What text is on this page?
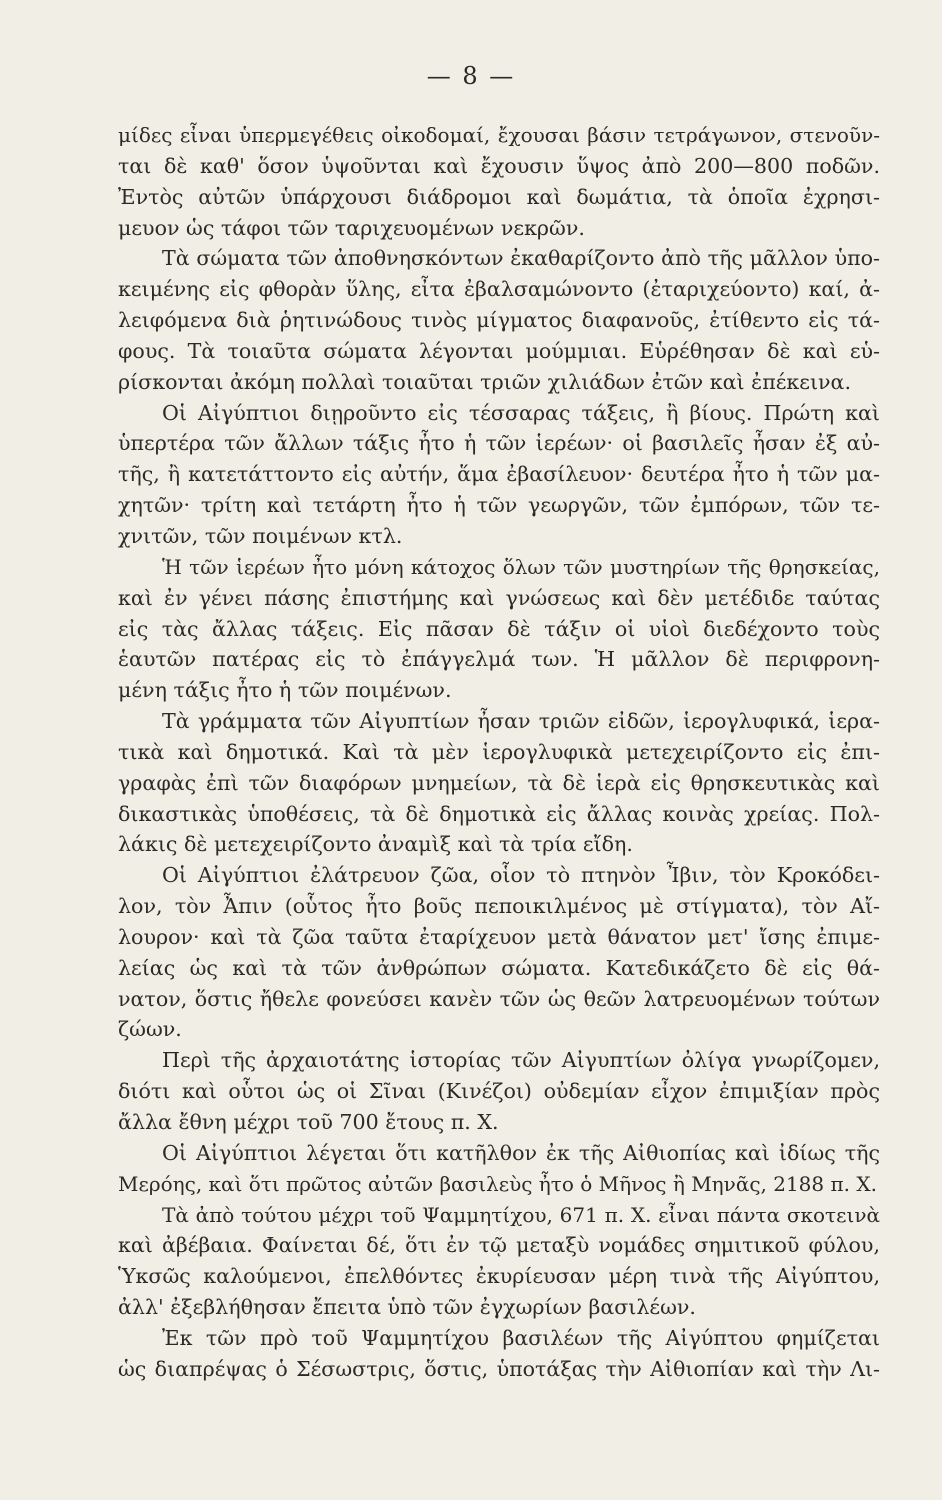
— 8 —
μίδες εἶναι ὑπερμεγέθεις οἰκοδομαί, ἔχουσαι βάσιν τετράγωνον, στενοῦν-
ται δὲ καθ' ὅσον ὑψοῦνται καὶ ἔχουσιν ὕψος ἀπὸ 200—800 ποδῶν.
Ἐντὸς αὐτῶν ὑπάρχουσι διάδρομοι καὶ δωμάτια, τὰ ὁποῖα ἐχρησι-
μευον ὡς τάφοι τῶν ταριχευομένων νεκρῶν.
Τὰ σώματα τῶν ἀποθνησκόντων ἐκαθαρίζοντο ἀπὸ τῆς μᾶλλον ὑπο-
κειμένης εἰς φθορὰν ὕλης, εἶτα ἐβαλσαμώνοντο (ἐταριχεύοντο) καί, ἀ-
λειφόμενα διὰ ῥητινώδους τινὸς μίγματος διαφανοῦς, ἐτίθεντο εἰς τά-
φους. Τὰ τοιαῦτα σώματα λέγονται μούμμιαι. Εὑρέθησαν δὲ καὶ εὑ-
ρίσκονται ἀκόμη πολλαὶ τοιαῦται τριῶν χιλιάδων ἐτῶν καὶ ἐπέκεινα.
Οἱ Αἰγύπτιοι διῃροῦντο εἰς τέσσαρας τάξεις, ἢ βίους. Πρώτη καὶ
ὑπερτέρα τῶν ἄλλων τάξις ἦτο ἡ τῶν ἱερέων· οἱ βασιλεῖς ἦσαν ἐξ αὐ-
τῆς, ἢ κατετάττοντο εἰς αὐτήν, ἅμα ἐβασίλευον· δευτέρα ἦτο ἡ τῶν μα-
χητῶν· τρίτη καὶ τετάρτη ἦτο ἡ τῶν γεωργῶν, τῶν ἐμπόρων, τῶν τε-
χνιτῶν, τῶν ποιμένων κτλ.
Ἡ τῶν ἱερέων ἦτο μόνη κάτοχος ὅλων τῶν μυστηρίων τῆς θρησκείας,
καὶ ἐν γένει πάσης ἐπιστήμης καὶ γνώσεως καὶ δὲν μετέδιδε ταύτας
εἰς τὰς ἄλλας τάξεις. Εἰς πᾶσαν δὲ τάξιν οἱ υἱοὶ διεδέχοντο τοὺς
ἑαυτῶν πατέρας εἰς τὸ ἐπάγγελμά των. Ἡ μᾶλλον δὲ περιφρονη-
μένη τάξις ἦτο ἡ τῶν ποιμένων.
Τὰ γράμματα τῶν Αἰγυπτίων ἦσαν τριῶν εἰδῶν, ἱερογλυφικά, ἱερα-
τικὰ καὶ δημοτικά. Καὶ τὰ μὲν ἱερογλυφικὰ μετεχειρίζοντο εἰς ἐπι-
γραφὰς ἐπὶ τῶν διαφόρων μνημείων, τὰ δὲ ἱερὰ εἰς θρησκευτικὰς καὶ
δικαστικὰς ὑποθέσεις, τὰ δὲ δημοτικὰ εἰς ἄλλας κοινὰς χρείας. Πολ-
λάκις δὲ μετεχειρίζοντο ἀναμὶξ καὶ τὰ τρία εἴδη.
Οἱ Αἰγύπτιοι ἐλάτρευον ζῶα, οἷον τὸ πτηνὸν Ἶβιν, τὸν Κροκόδει-
λον, τὸν Ἆπιν (οὗτος ἦτο βοῦς πεποικιλμένος μὲ στίγματα), τὸν Αἴ-
λουρον· καὶ τὰ ζῶα ταῦτα ἐταρίχευον μετὰ θάνατον μετ' ἴσης ἐπιμε-
λείας ὡς καὶ τὰ τῶν ἀνθρώπων σώματα. Κατεδικάζετο δὲ εἰς θά-
νατον, ὅστις ἤθελε φονεύσει κανὲν τῶν ὡς θεῶν λατρευομένων τούτων
ζώων.
Περὶ τῆς ἀρχαιοτάτης ἱστορίας τῶν Αἰγυπτίων ὀλίγα γνωρίζομεν,
διότι καὶ οὗτοι ὡς οἱ Σῖναι (Κινέζοι) οὐδεμίαν εἶχον ἐπιμιξίαν πρὸς
ἄλλα ἔθνη μέχρι τοῦ 700 ἔτους π. Χ.
Οἱ Αἰγύπτιοι λέγεται ὅτι κατῆλθον ἐκ τῆς Αἰθιοπίας καὶ ἰδίως τῆς
Μερόης, καὶ ὅτι πρῶτος αὐτῶν βασιλεὺς ἦτο ὁ Μῆνος ἢ Μηνᾶς, 2188 π. Χ.
Τὰ ἀπὸ τούτου μέχρι τοῦ Ψαμμητίχου, 671 π. Χ. εἶναι πάντα σκοτεινὰ
καὶ ἀβέβαια. Φαίνεται δέ, ὅτι ἐν τῷ μεταξὺ νομάδες σημιτικοῦ φύλου,
Ὑκσῶς καλούμενοι, ἐπελθόντες ἐκυρίευσαν μέρη τινὰ τῆς Αἰγύπτου,
ἀλλ' ἐξεβλήθησαν ἔπειτα ὑπὸ τῶν ἐγχωρίων βασιλέων.
Ἐκ τῶν πρὸ τοῦ Ψαμμητίχου βασιλέων τῆς Αἰγύπτου φημίζεται
ὡς διαπρέψας ὁ Σέσωστρις, ὅστις, ὑποτάξας τὴν Αἰθιοπίαν καὶ τὴν Λι-
